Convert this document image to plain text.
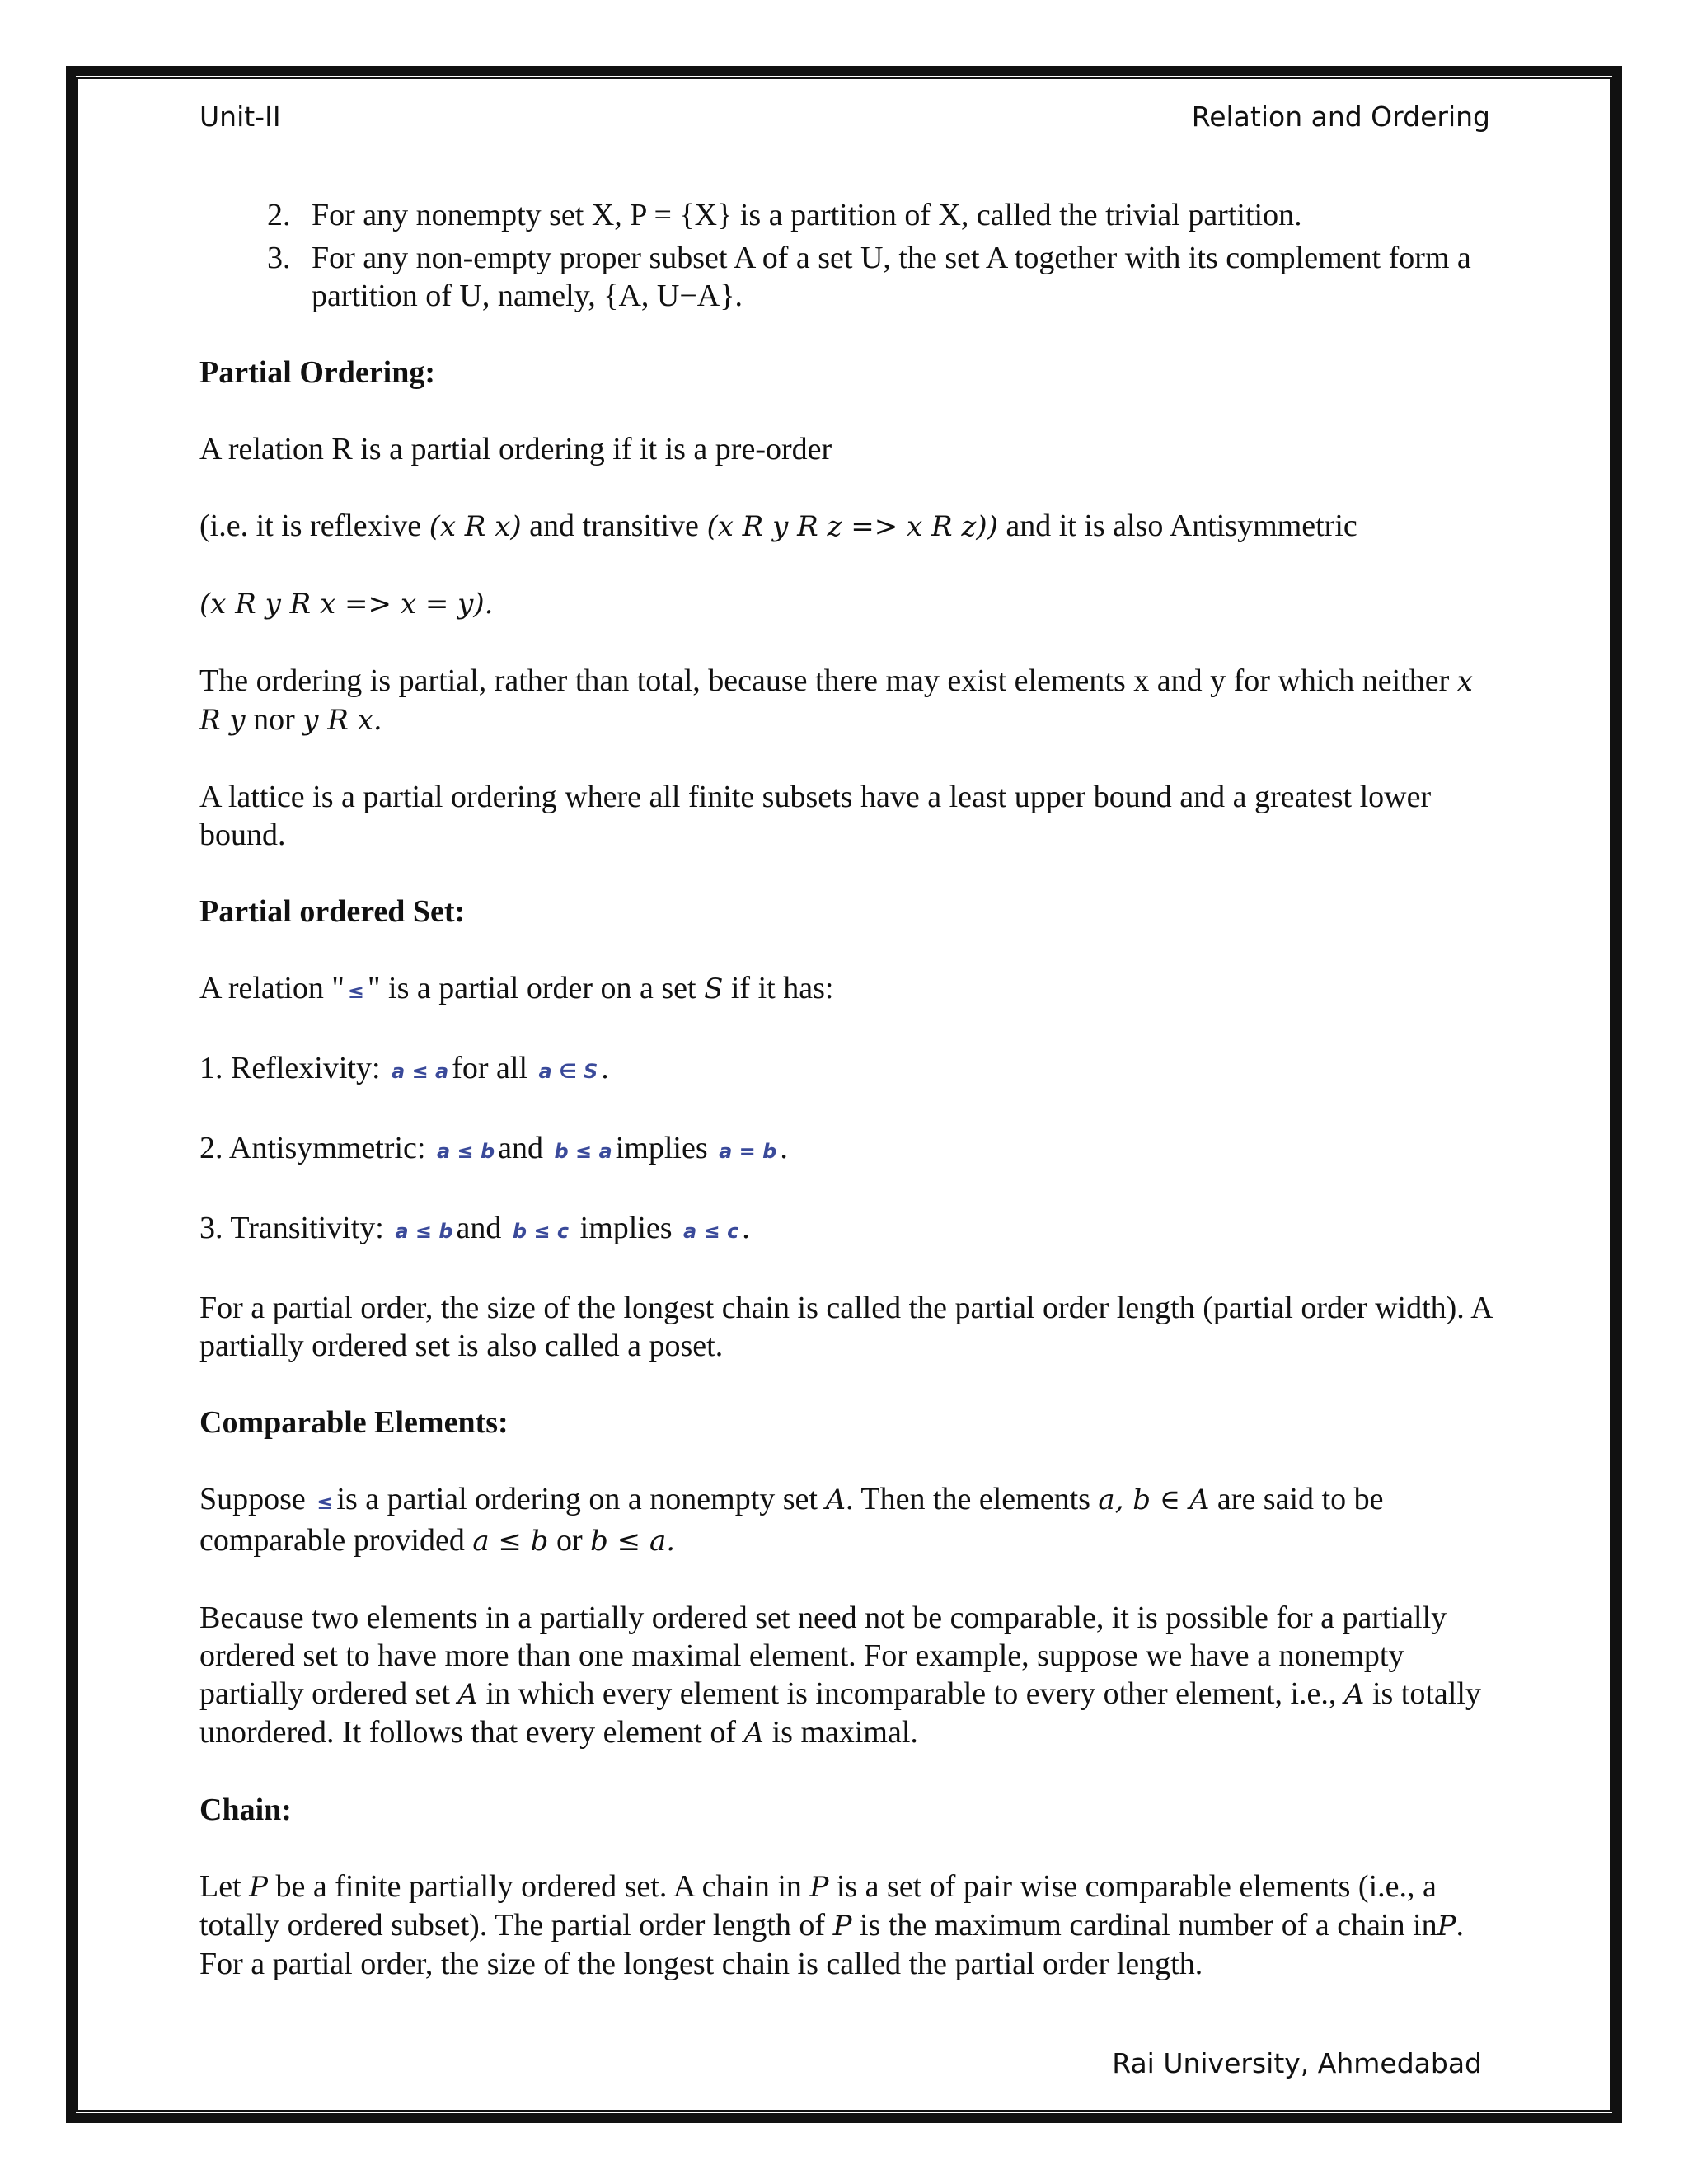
Unit-II	Relation and Ordering
2. For any nonempty set X, P = {X} is a partition of X, called the trivial partition.
3. For any non-empty proper subset A of a set U, the set A together with its complement form a partition of U, namely, {A, U−A}.

Partial Ordering:

A relation R is a partial ordering if it is a pre-order

(i.e. it is reflexive (x R x) and transitive (x R y R z => x R z)) and it is also Antisymmetric

(x R y R x => x = y).

The ordering is partial, rather than total, because there may exist elements x and y for which neither x R y nor y R x.

A lattice is a partial ordering where all finite subsets have a least upper bound and a greatest lower bound.

Partial ordered Set:

A relation " ≤ " is a partial order on a set S if it has:

1. Reflexivity: a ≤ a for all a ∈ S .

2. Antisymmetric: a ≤ b and b ≤ a implies a = b .

3. Transitivity: a ≤ b and b ≤ c implies a ≤ c .

For a partial order, the size of the longest chain is called the partial order length (partial order width). A partially ordered set is also called a poset.

Comparable Elements:

Suppose ≤ is a partial ordering on a nonempty set A. Then the elements a, b ∈ A are said to be comparable provided a ≤ b or b ≤ a.

Because two elements in a partially ordered set need not be comparable, it is possible for a partially ordered set to have more than one maximal element. For example, suppose we have a nonempty partially ordered set A in which every element is incomparable to every other element, i.e., A is totally unordered. It follows that every element of A is maximal.

Chain:

Let P be a finite partially ordered set. A chain in P is a set of pair wise comparable elements (i.e., a totally ordered subset). The partial order length of P is the maximum cardinal number of a chain inP. For a partial order, the size of the longest chain is called the partial order length.

Rai University, Ahmedabad
